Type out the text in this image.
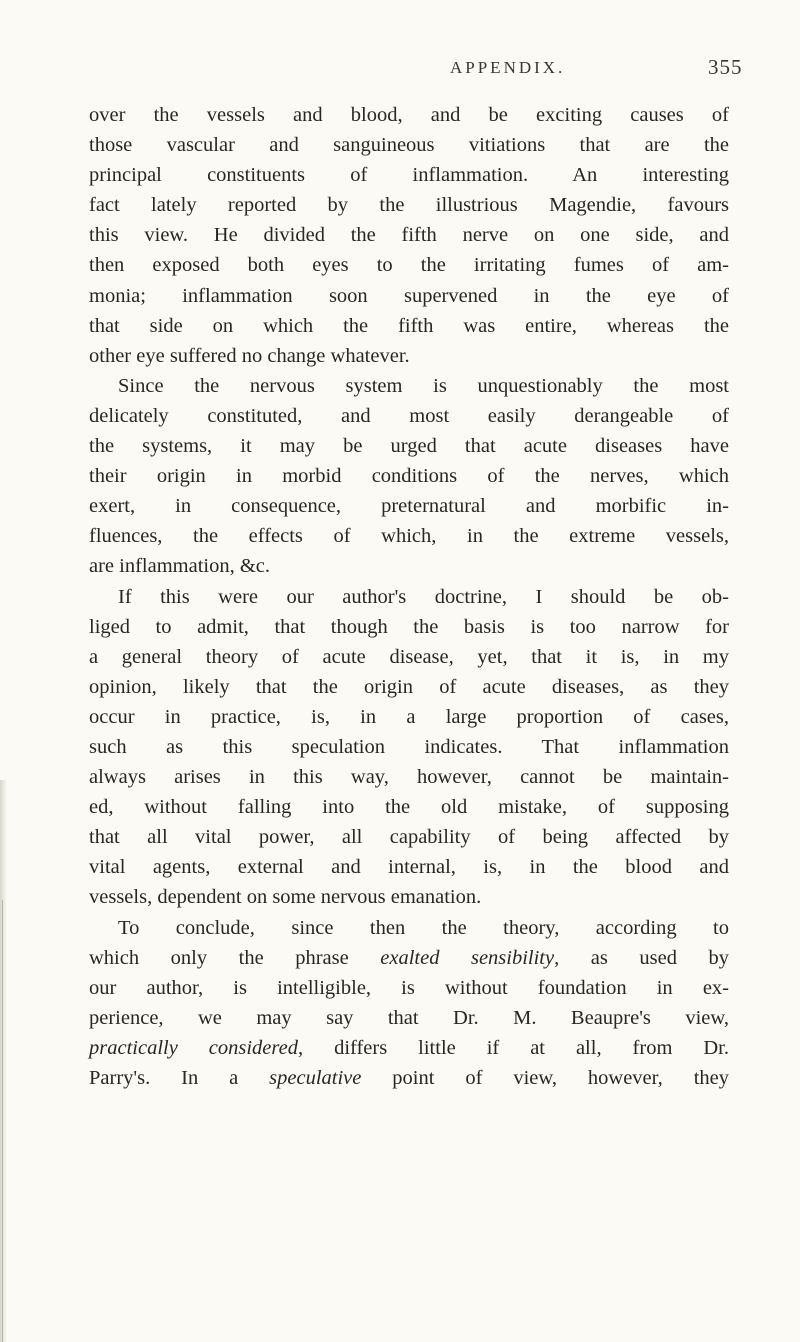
APPENDIX.	355
over the vessels and blood, and be exciting causes of
those vascular and sanguineous vitiations that are the
principal constituents of inflammation. An interesting
fact lately reported by the illustrious Magendie, favours
this view. He divided the fifth nerve on one side, and
then exposed both eyes to the irritating fumes of am-
monia; inflammation soon supervened in the eye of
that side on which the fifth was entire, whereas the
other eye suffered no change whatever.
Since the nervous system is unquestionably the most
delicately constituted, and most easily derangeable of
the systems, it may be urged that acute diseases have
their origin in morbid conditions of the nerves, which
exert, in consequence, preternatural and morbific in-
fluences, the effects of which, in the extreme vessels,
are inflammation, &c.
If this were our author's doctrine, I should be ob-
liged to admit, that though the basis is too narrow for
a general theory of acute disease, yet, that it is, in my
opinion, likely that the origin of acute diseases, as they
occur in practice, is, in a large proportion of cases,
such as this speculation indicates. That inflammation
always arises in this way, however, cannot be maintain-
ed, without falling into the old mistake, of supposing
that all vital power, all capability of being affected by
vital agents, external and internal, is, in the blood and
vessels, dependent on some nervous emanation.
To conclude, since then the theory, according to
which only the phrase exalted sensibility, as used by
our author, is intelligible, is without foundation in ex-
perience, we may say that Dr. M. Beaupre's view,
practically considered, differs little if at all, from Dr.
Parry's. In a speculative point of view, however, they
